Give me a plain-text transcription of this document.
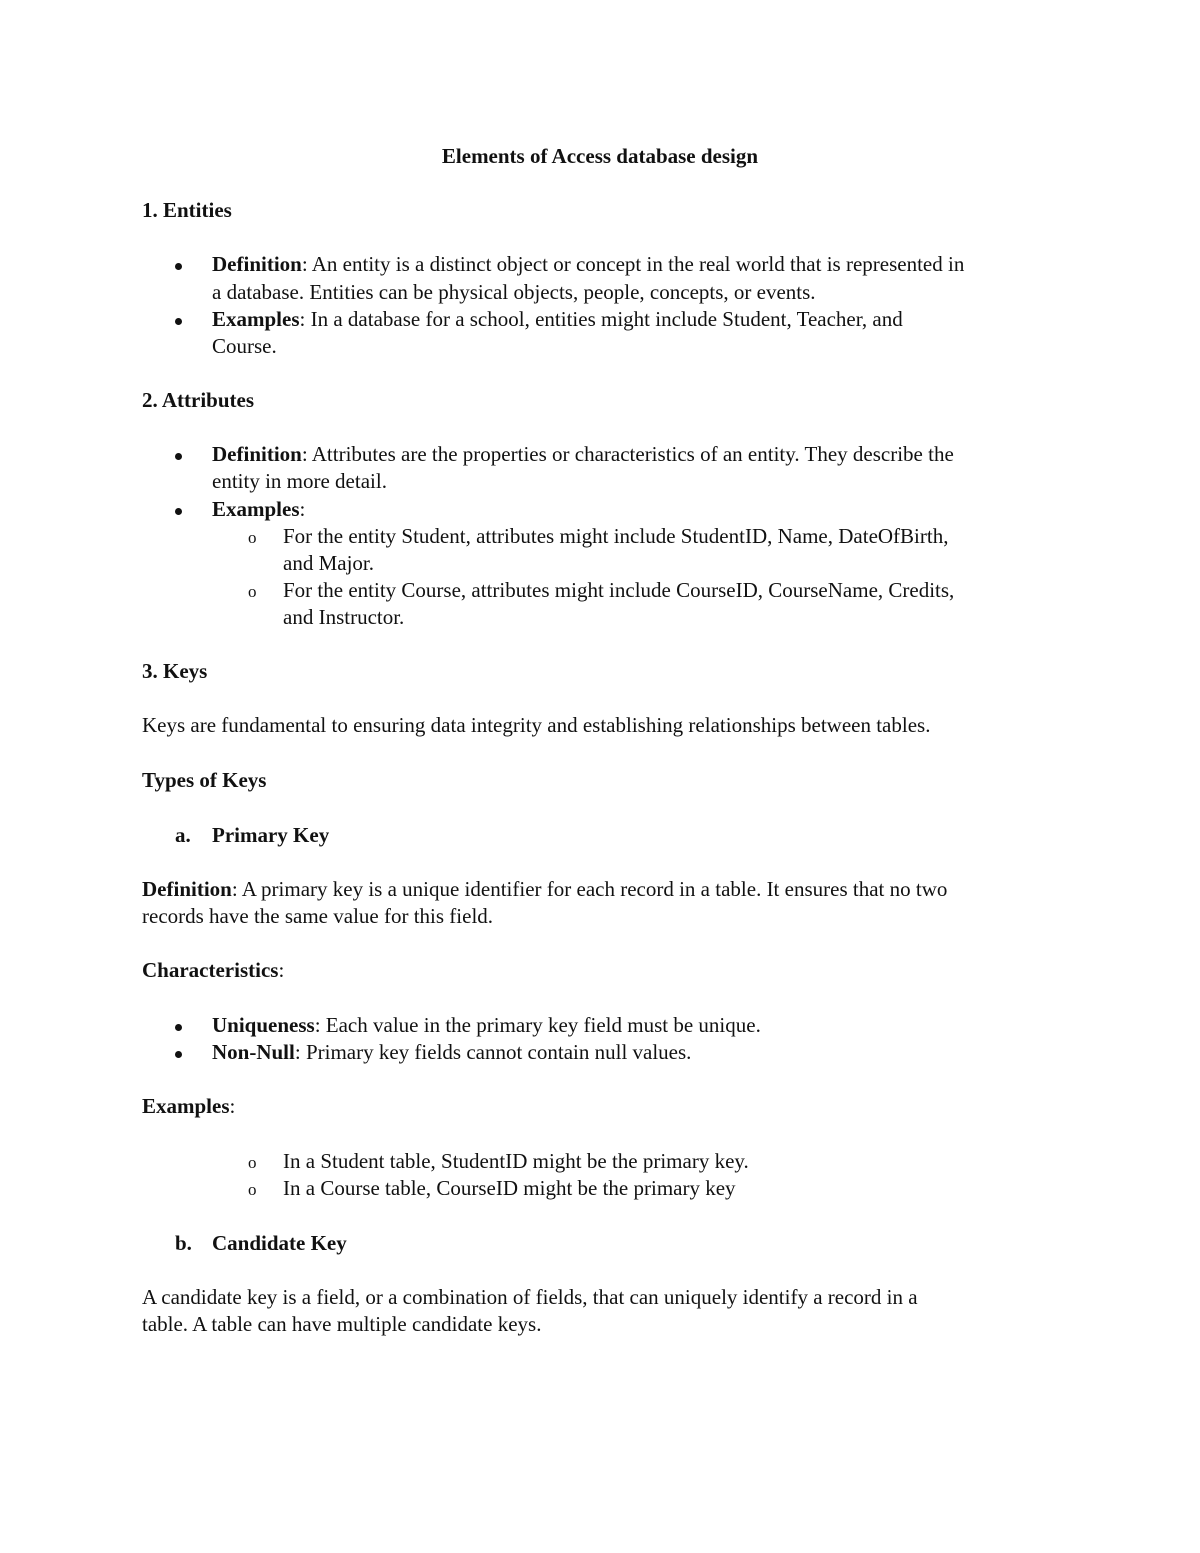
Elements of Access database design
1. Entities
Definition: An entity is a distinct object or concept in the real world that is represented in
a database. Entities can be physical objects, people, concepts, or events.
Examples: In a database for a school, entities might include Student, Teacher, and
Course.
2. Attributes
Definition: Attributes are the properties or characteristics of an entity. They describe the
entity in more detail.
Examples:
o For the entity Student, attributes might include StudentID, Name, DateOfBirth,
and Major.
o For the entity Course, attributes might include CourseID, CourseName, Credits,
and Instructor.
3. Keys
Keys are fundamental to ensuring data integrity and establishing relationships between tables.
Types of Keys
a. Primary Key
Definition: A primary key is a unique identifier for each record in a table. It ensures that no two
records have the same value for this field.
Characteristics:
Uniqueness: Each value in the primary key field must be unique.
Non-Null: Primary key fields cannot contain null values.
Examples:
o In a Student table, StudentID might be the primary key.
o In a Course table, CourseID might be the primary key
b. Candidate Key
A candidate key is a field, or a combination of fields, that can uniquely identify a record in a
table. A table can have multiple candidate keys.
